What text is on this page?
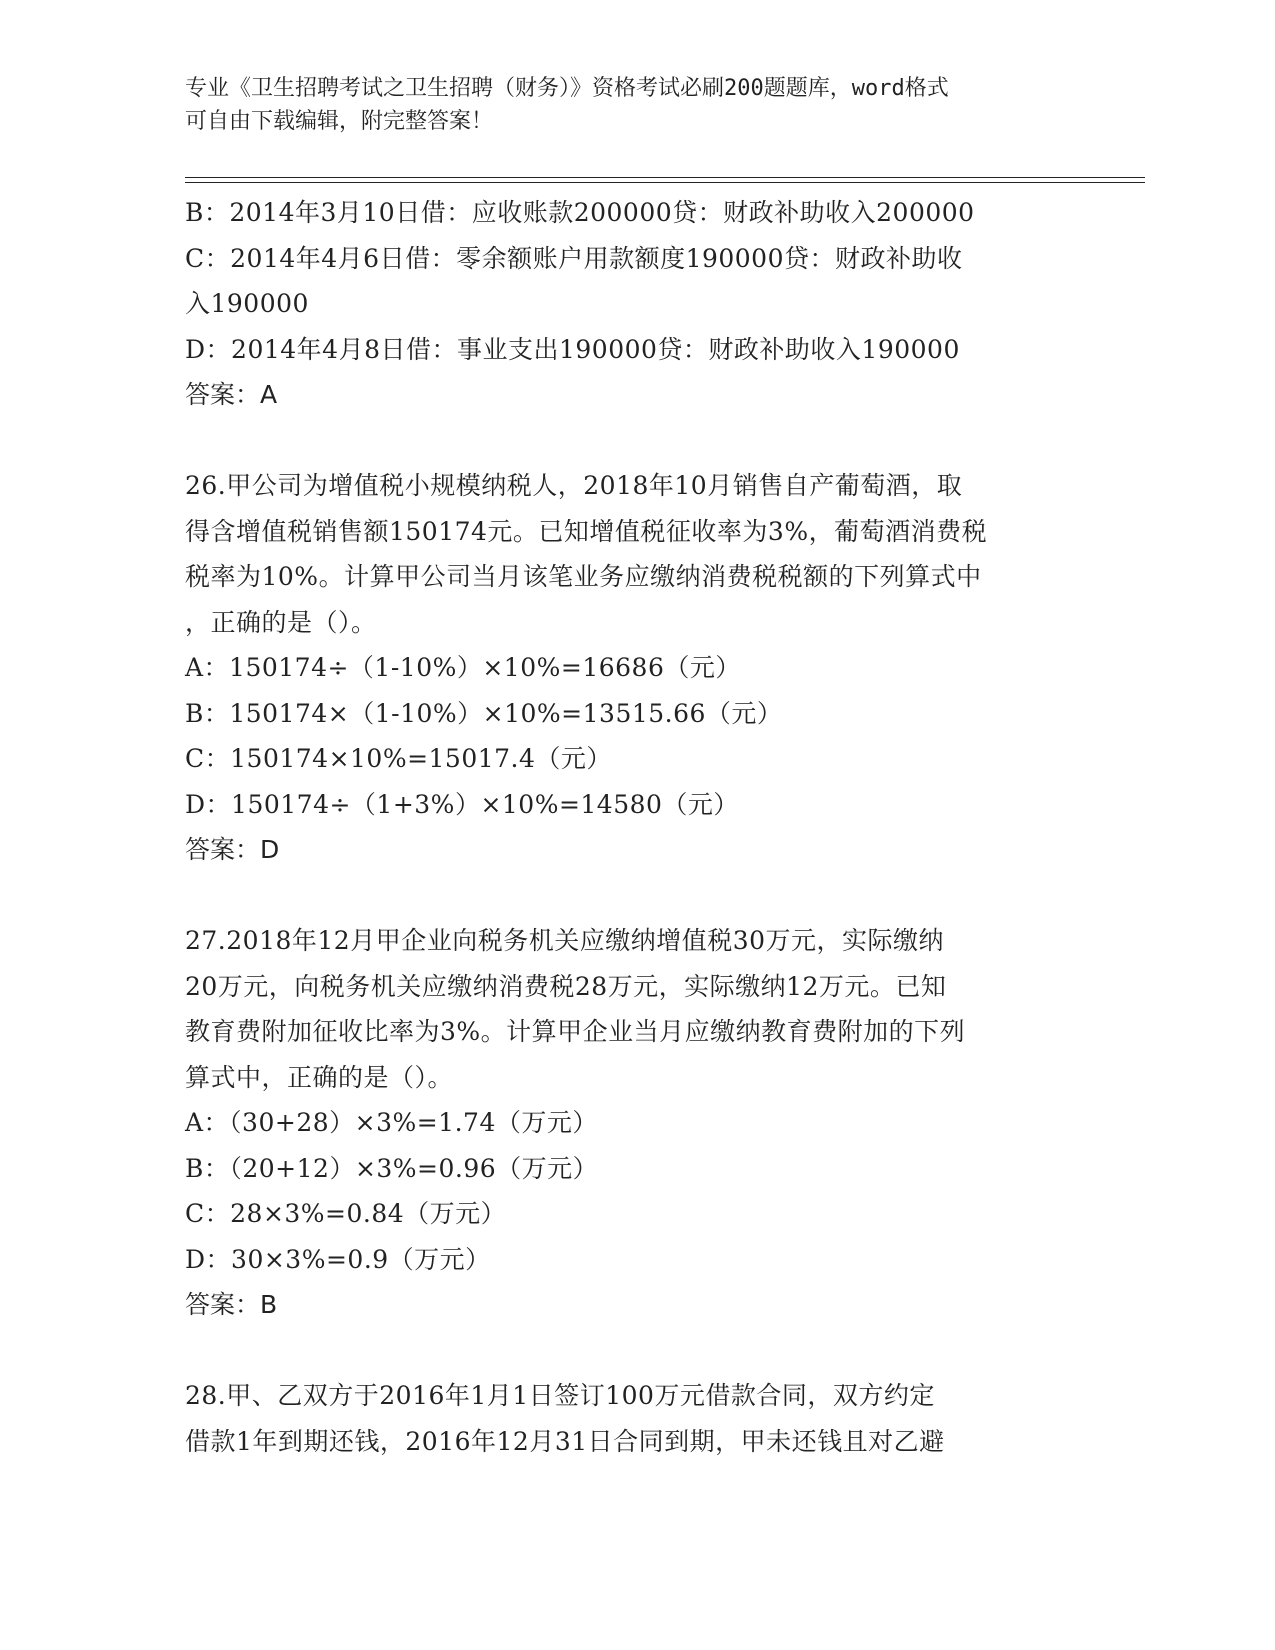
专业《卫生招聘考试之卫生招聘（财务）》资格考试必刷200题题库，word格式
可自由下载编辑，附完整答案！
B：2014年3月10日借：应收账款200000贷：财政补助收入200000
C：2014年4月6日借：零余额账户用款额度190000贷：财政补助收
入190000
D：2014年4月8日借：事业支出190000贷：财政补助收入190000
答案：A
26.甲公司为增值税小规模纳税人，2018年10月销售自产葡萄酒，取
得含增值税销售额150174元。已知增值税征收率为3%，葡萄酒消费税
税率为10%。计算甲公司当月该笔业务应缴纳消费税税额的下列算式中
，正确的是（）。
A：150174÷（1-10%）×10%=16686（元）
B：150174×（1-10%）×10%=13515.66（元）
C：150174×10%=15017.4（元）
D：150174÷（1+3%）×10%=14580（元）
答案：D
27.2018年12月甲企业向税务机关应缴纳增值税30万元，实际缴纳
20万元，向税务机关应缴纳消费税28万元，实际缴纳12万元。已知
教育费附加征收比率为3%。计算甲企业当月应缴纳教育费附加的下列
算式中，正确的是（）。
A：（30+28）×3%=1.74（万元）
B：（20+12）×3%=0.96（万元）
C：28×3%=0.84（万元）
D：30×3%=0.9（万元）
答案：B
28.甲、乙双方于2016年1月1日签订100万元借款合同，双方约定
借款1年到期还钱，2016年12月31日合同到期，甲未还钱且对乙避
